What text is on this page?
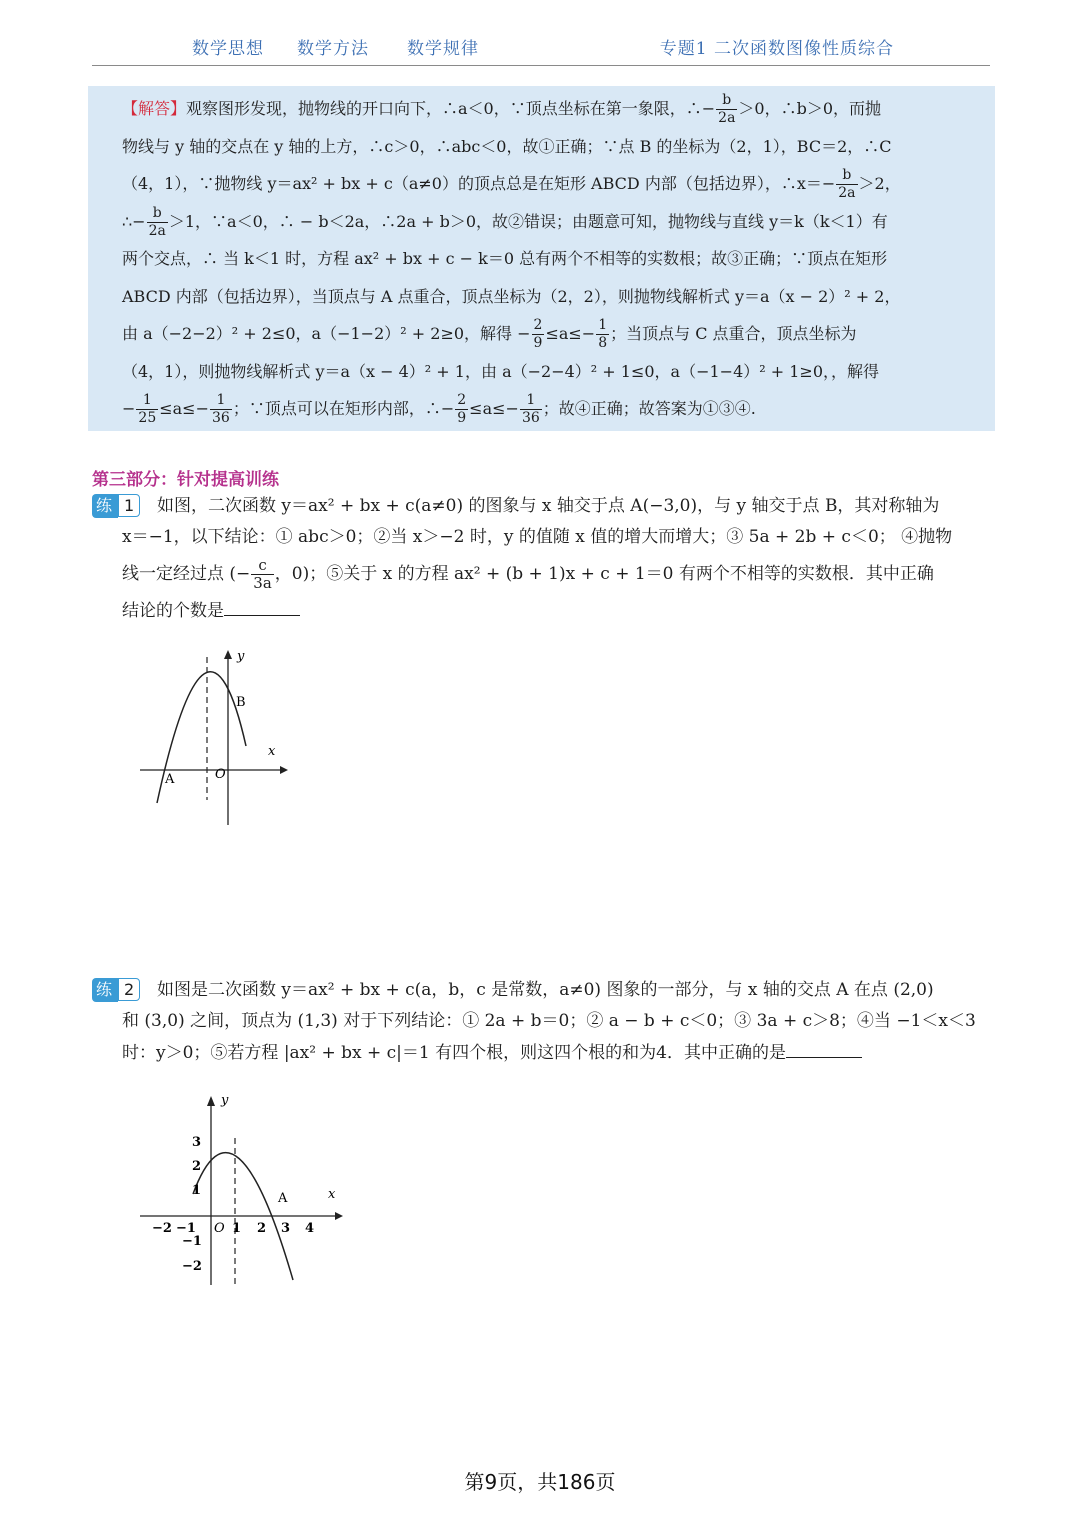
数学思想 数学方法 数学规律	专题1 二次函数图像性质综合

【解答】观察图形发现，抛物线的开口向下，∴a＜0，∵顶点坐标在第一象限，∴− $\frac{b}{2a} >0$，∴b＞0，而抛

物线与 y 轴的交点在 y 轴的上方，∴c＞0，∴abc＜0，故①正确；∵点 B 的坐标为（2，1），BC＝2，∴C

（4，1），∵抛物线 y＝ax² + bx + c（a≠0）的顶点总是在矩形 ABCD 内部（包括边界），∴x＝− $\frac{b}{2a} >2$，

∴− $\frac{b}{2a} >1$，∵a＜0，∴ − b＜2a，∴2a + b＞0，故②错误；由题意可知，抛物线与直线 y＝k（k＜1）有

两个交点，∴ 当 k＜1 时，方程 ax² + bx + c − k＝0 总有两个不相等的实数根；故③正确；∵顶点在矩形

ABCD 内部（包括边界），当顶点与 A 点重合，顶点坐标为（2，2），则抛物线解析式 y＝a（x − 2）² + 2，

由 a（−2−2）² + 2≤0，a（−1−2）² + 2≥0，解得 − $\frac{2}{9} \le a\le- \frac{1}{8}$ ；当顶点与 C 点重合，顶点坐标为

（4，1），则抛物线解析式 y＝a（x − 4）² + 1，由 a（−2−4）² + 1≤0，a（−1−4）² + 1≥0，，解得

− $\frac{1}{25} \le a\le- \frac{1}{36}$ ；∵顶点可以在矩形内部，∴− $\frac{2}{9} \le a\le- \frac{1}{36}$ ；故④正确；故答案为①③④.

第三部分：针对提高训练
练 1	如图，二次函数 y＝ax² + bx + c(a≠0) 的图象与 x 轴交于点 A(−3,0)，与 y 轴交于点 B，其对称轴为

x＝−1，以下结论：① abc＞0；②当 x＞−2 时，y 的值随 x 值的增大而增大；③ 5a + 2b + c＜0； ④抛物

线一定经过点 (− $\frac{c}{3a}$ ，0)；⑤关于 x 的方程 ax² + (b + 1)x + c + 1＝0 有两个不相等的实数根．其中正确

结论的个数是

y
x
A
B
O
练 2	如图是二次函数 y＝ax² + bx + c(a，b，c 是常数，a≠0) 图象的一部分，与 x 轴的交点 A 在点 (2,0)

和 (3,0) 之间，顶点为 (1,3) 对于下列结论：① 2a + b＝0；② a − b + c＜0；③ 3a + c＞8；④当 −1＜x＜3

时：y＞0；⑤若方程 |ax² + bx + c|＝1 有四个根，则这四个根的和为4．其中正确的是

y
x
A
O
−2 −1	1 2 3 4
3
2
1
−1
−2
第9页，共186页
